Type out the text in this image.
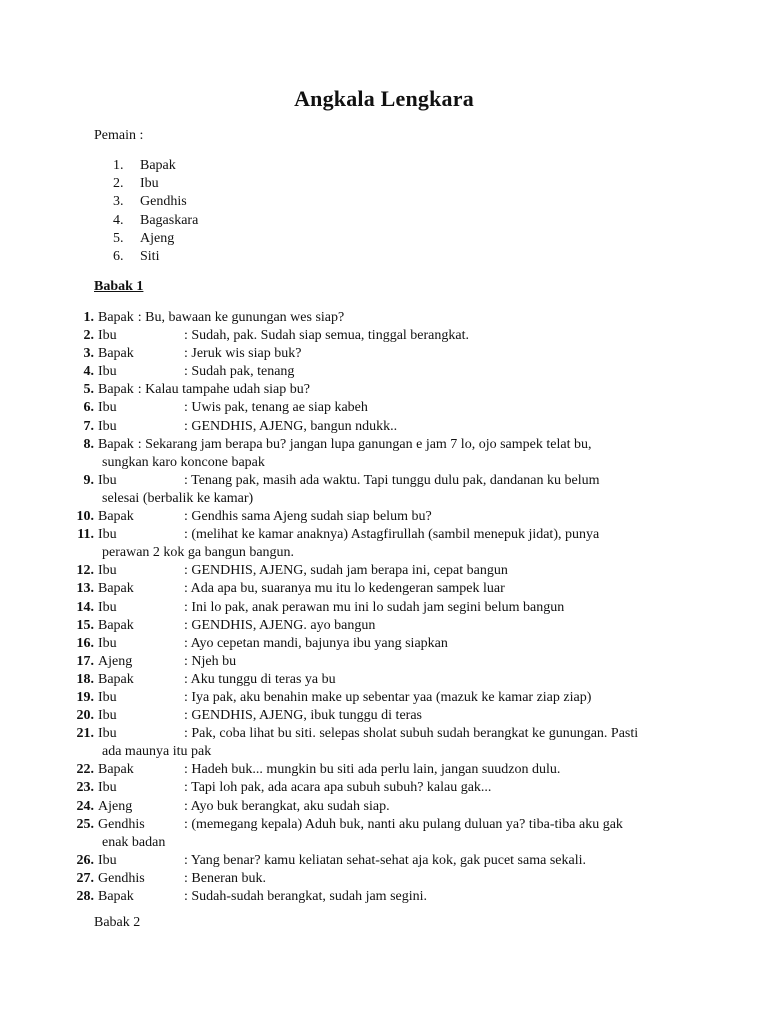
Angkala Lengkara
Pemain :
1. Bapak
2. Ibu
3. Gendhis
4. Bagaskara
5. Ajeng
6. Siti
Babak 1
1. Bapak : Bu, bawaan ke gunungan wes siap?
2. Ibu	: Sudah, pak. Sudah siap semua, tinggal berangkat.
3. Bapak	: Jeruk wis siap buk?
4. Ibu	: Sudah pak, tenang
5. Bapak : Kalau tampahe udah siap bu?
6. Ibu	: Uwis pak, tenang ae siap kabeh
7. Ibu	: GENDHIS, AJENG, bangun ndukk..
8. Bapak : Sekarang jam berapa bu? jangan lupa ganungan e jam 7 lo, ojo sampek telat bu,
sungkan karo koncone bapak
9. Ibu	: Tenang pak, masih ada waktu. Tapi tunggu dulu pak, dandanan ku belum
selesai (berbalik ke kamar)
10. Bapak	: Gendhis sama Ajeng sudah siap belum bu?
11. Ibu	: (melihat ke kamar anaknya) Astagfirullah (sambil menepuk jidat), punya
perawan 2 kok ga bangun bangun.
12. Ibu	: GENDHIS, AJENG, sudah jam berapa ini, cepat bangun
13. Bapak	: Ada apa bu, suaranya mu itu lo kedengeran sampek luar
14. Ibu	: Ini lo pak, anak perawan mu ini lo sudah jam segini belum bangun
15. Bapak	: GENDHIS, AJENG. ayo bangun
16. Ibu	: Ayo cepetan mandi, bajunya ibu yang siapkan
17. Ajeng	: Njeh bu
18. Bapak	: Aku tunggu di teras ya bu
19. Ibu	: Iya pak, aku benahin make up sebentar yaa (mazuk ke kamar ziap ziap)
20. Ibu	: GENDHIS, AJENG, ibuk tunggu di teras
21. Ibu	: Pak, coba lihat bu siti. selepas sholat subuh sudah berangkat ke gunungan. Pasti
ada maunya itu pak
22. Bapak	: Hadeh buk... mungkin bu siti ada perlu lain, jangan suudzon dulu.
23. Ibu	: Tapi loh pak, ada acara apa subuh subuh? kalau gak...
24. Ajeng	: Ayo buk berangkat, aku sudah siap.
25. Gendhis	: (memegang kepala) Aduh buk, nanti aku pulang duluan ya? tiba-tiba aku gak
enak badan
26. Ibu	: Yang benar? kamu keliatan sehat-sehat aja kok, gak pucet sama sekali.
27. Gendhis	: Beneran buk.
28. Bapak	: Sudah-sudah berangkat, sudah jam segini.
Babak 2
